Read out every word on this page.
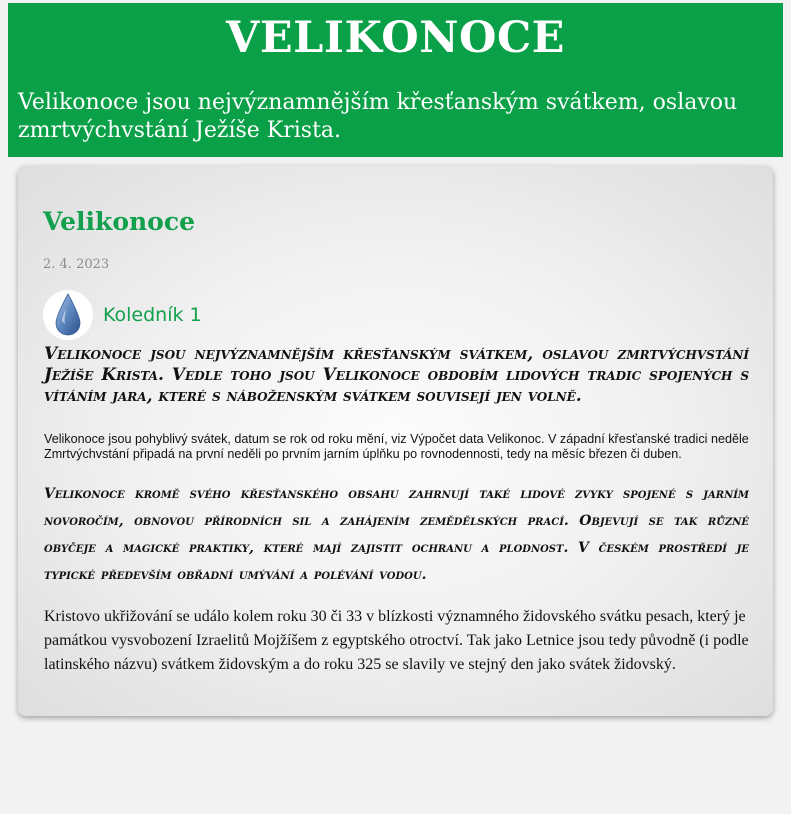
VELIKONOCE

Velikonoce jsou nejvýznamnějším křesťanským svátkem, oslavou zmrtvýchvstání Ježíše Krista.

Velikonoce
2. 4. 2023
Koledník 1

Velikonoce jsou nejvýznamnějším křesťanským svátkem, oslavou zmrtvýchvstání Ježíše Krista. Vedle toho jsou Velikonoce obdobím lidových tradic spojených s vítáním jara, které s náboženským svátkem souvisejí jen volně.

Velikonoce jsou pohyblivý svátek, datum se rok od roku mění, viz Výpočet data Velikonoc. V západní křesťanské tradici neděle Zmrtvýchvstání připadá na první neděli po prvním jarním úplňku po rovnodennosti, tedy na měsíc březen či duben.

Velikonoce kromě svého křesťanského obsahu zahrnují také lidové zvyky spojené s jarním novoročím, obnovou přírodních sil a zahájením zemědělských prací. Objevují se tak různé obyčeje a magické praktiky, které mají zajistit ochranu a plodnost. V českém prostředí je typické především obřadní umývání a polévání vodou.

Kristovo ukřižování se událo kolem roku 30 či 33 v blízkosti významného židovského svátku pesach, který je památkou vysvobození Izraelitů Mojžíšem z egyptského otroctví. Tak jako Letnice jsou tedy původně (i podle latinského názvu) svátkem židovským a do roku 325 se slavily ve stejný den jako svátek židovský.
